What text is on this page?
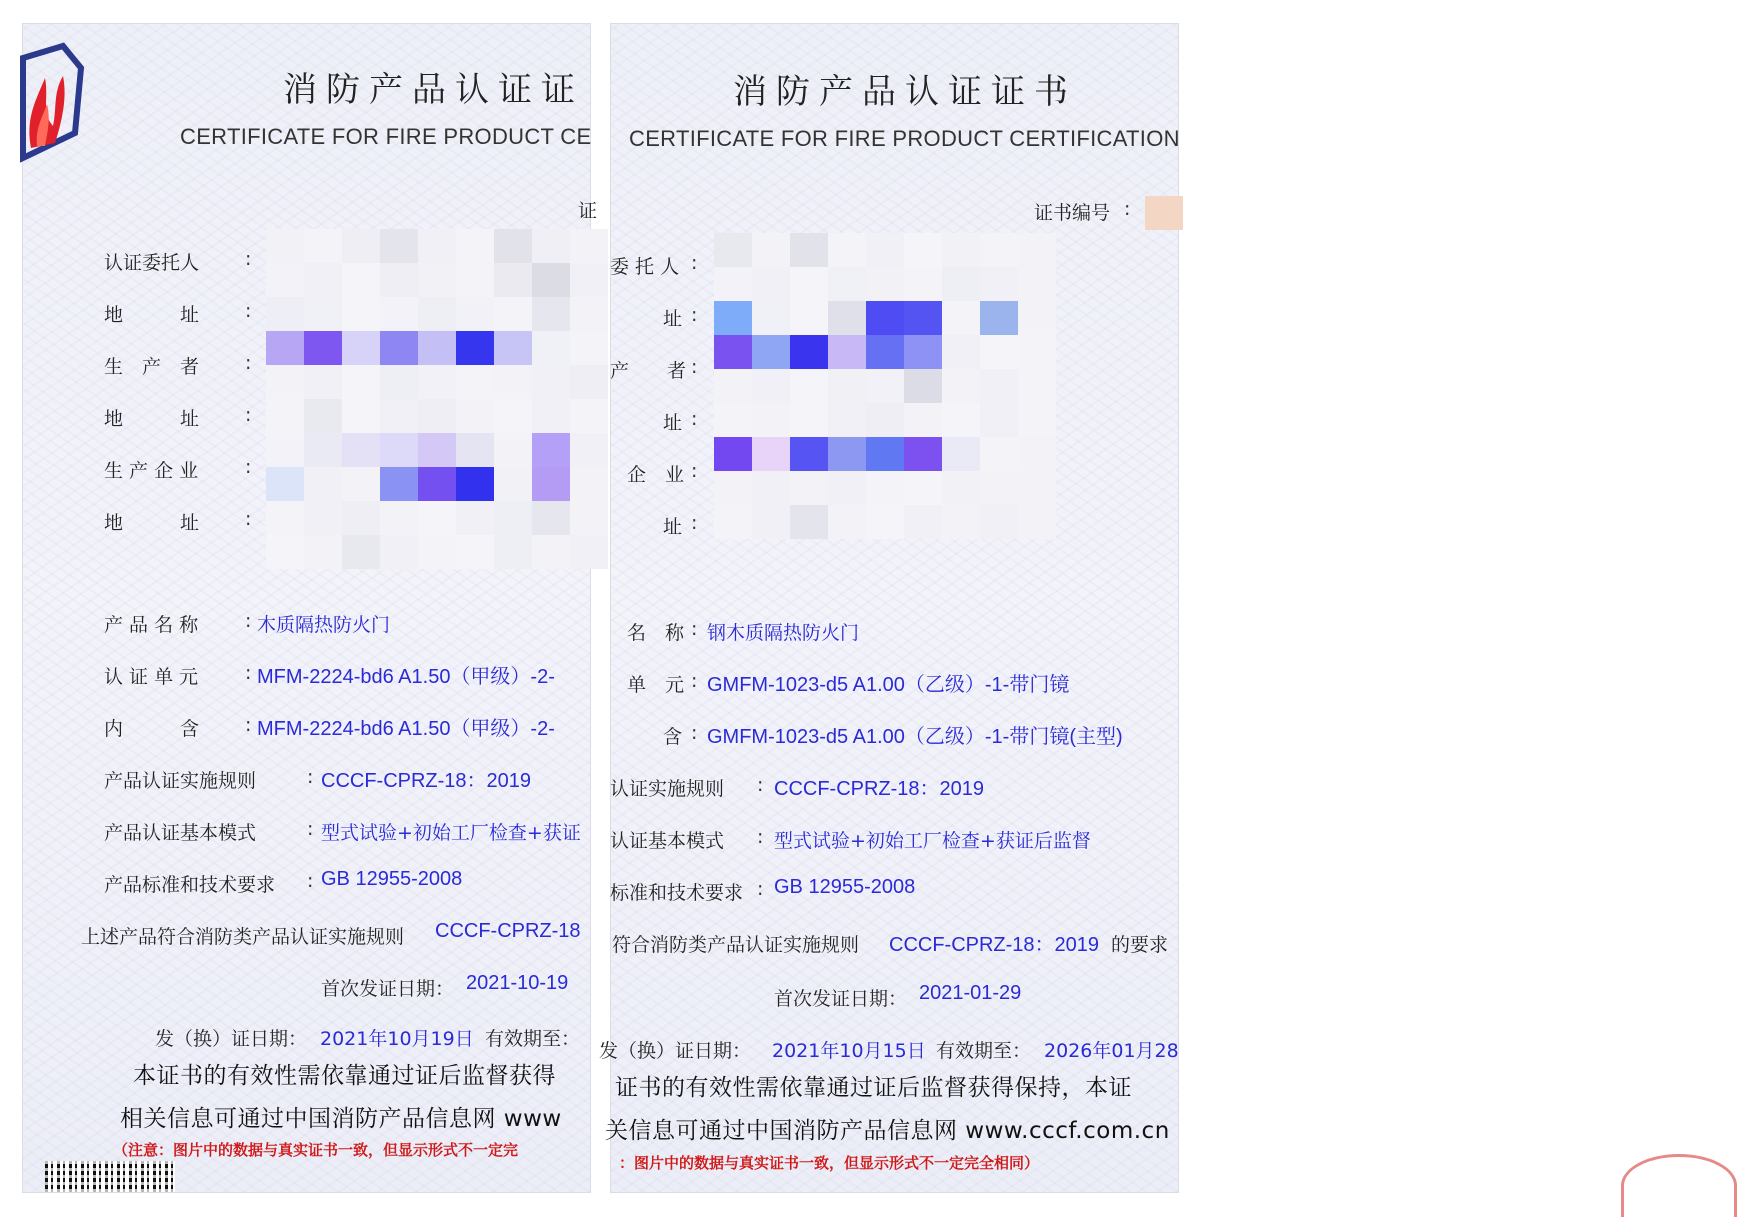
消防产品认证证
CERTIFICATE FOR FIRE PRODUCT CE
证
认证委托人 :
地　　　址 :
生　产　者 :
地　　　址 :
生 产 企 业 :
地　　　址 :
产 品 名 称 : 木质隔热防火门
认 证 单 元 : MFM-2224-bd6 A1.50（甲级）-2-
内　　　含 : MFM-2224-bd6 A1.50（甲级）-2-
产品认证实施规则	: CCCF-CPRZ-18：2019
产品认证基本模式	: 型式试验+初始工厂检查+获证
产品标准和技术要求 : GB 12955-2008
上述产品符合消防类产品认证实施规则 CCCF-CPRZ-18
首次发证日期： 2021-10-19
发（换）证日期： 2021年10月19日 有效期至：
本证书的有效性需依靠通过证后监督获得
相关信息可通过中国消防产品信息网 www
（注意：图片中的数据与真实证书一致，但显示形式不一定完
消防产品认证证书
CERTIFICATE FOR FIRE PRODUCT CERTIFICATION
证书编号 :
委 托 人 :
址 :
产　　者 :
址 :
企　业 :
址 :
名　称 : 钢木质隔热防火门
单　元 : GMFM-1023-d5 A1.00（乙级）-1-带门镜
含 : GMFM-1023-d5 A1.00（乙级）-1-带门镜(主型)
认证实施规则 : CCCF-CPRZ-18：2019
认证基本模式 : 型式试验+初始工厂检查+获证后监督
标准和技术要求 : GB 12955-2008
符合消防类产品认证实施规则 CCCF-CPRZ-18：2019 的要求
首次发证日期： 2021-01-29
发（换）证日期： 2021年10月15日 有效期至： 2026年01月28
证书的有效性需依靠通过证后监督获得保持，本证
关信息可通过中国消防产品信息网 www.cccf.com.cn
：图片中的数据与真实证书一致，但显示形式不一定完全相同）
